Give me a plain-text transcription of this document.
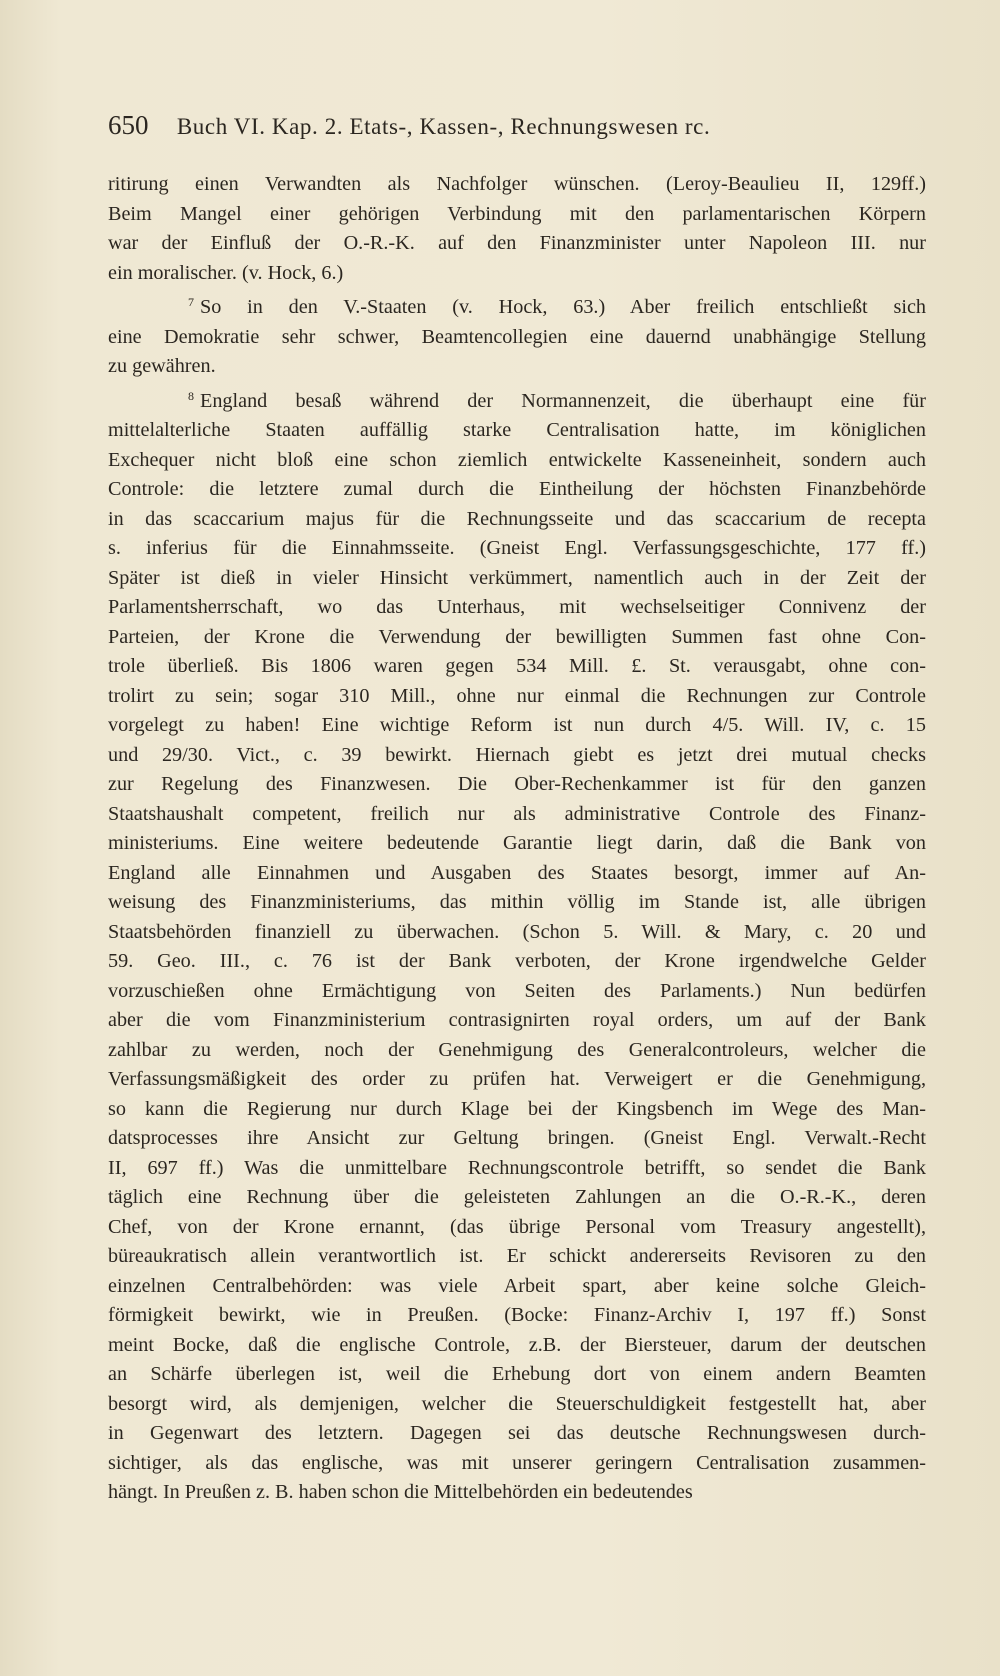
650 Buch VI. Kap. 2. Etats-, Kassen-, Rechnungswesen rc.
ritirung einen Verwandten als Nachfolger wünschen. (Leroy-Beaulieu II, 129ff.)
Beim Mangel einer gehörigen Verbindung mit den parlamentarischen Körpern
war der Einfluß der O.-R.-K. auf den Finanzminister unter Napoleon III. nur
ein moralischer. (v. Hock, 6.)
$^7$ So in den V.-Staaten (v. Hock, 63.) Aber freilich entschließt sich
eine Demokratie sehr schwer, Beamtencollegien eine dauernd unabhängige Stellung
zu gewähren.
$^8$ England besaß während der Normannenzeit, die überhaupt eine für
mittelalterliche Staaten auffällig starke Centralisation hatte, im königlichen
Exchequer nicht bloß eine schon ziemlich entwickelte Kasseneinheit, sondern auch
Controle: die letztere zumal durch die Eintheilung der höchsten Finanzbehörde
in das scaccarium majus für die Rechnungsseite und das scaccarium de recepta
s. inferius für die Einnahmsseite. (Gneist Engl. Verfassungsgeschichte, 177 ff.)
Später ist dieß in vieler Hinsicht verkümmert, namentlich auch in der Zeit der
Parlamentsherrschaft, wo das Unterhaus, mit wechselseitiger Connivenz der
Parteien, der Krone die Verwendung der bewilligten Summen fast ohne Con-
trole überließ. Bis 1806 waren gegen 534 Mill. £. St. verausgabt, ohne con-
trolirt zu sein; sogar 310 Mill., ohne nur einmal die Rechnungen zur Controle
vorgelegt zu haben! Eine wichtige Reform ist nun durch 4/5. Will. IV, c. 15
und 29/30. Vict., c. 39 bewirkt. Hiernach giebt es jetzt drei mutual checks
zur Regelung des Finanzwesen. Die Ober-Rechenkammer ist für den ganzen
Staatshaushalt competent, freilich nur als administrative Controle des Finanz-
ministeriums. Eine weitere bedeutende Garantie liegt darin, daß die Bank von
England alle Einnahmen und Ausgaben des Staates besorgt, immer auf An-
weisung des Finanzministeriums, das mithin völlig im Stande ist, alle übrigen
Staatsbehörden finanziell zu überwachen. (Schon 5. Will. & Mary, c. 20 und
59. Geo. III., c. 76 ist der Bank verboten, der Krone irgendwelche Gelder
vorzuschießen ohne Ermächtigung von Seiten des Parlaments.) Nun bedürfen
aber die vom Finanzministerium contrasignirten royal orders, um auf der Bank
zahlbar zu werden, noch der Genehmigung des Generalcontroleurs, welcher die
Verfassungsmäßigkeit des order zu prüfen hat. Verweigert er die Genehmigung,
so kann die Regierung nur durch Klage bei der Kingsbench im Wege des Man-
datsprocesses ihre Ansicht zur Geltung bringen. (Gneist Engl. Verwalt.-Recht
II, 697 ff.) Was die unmittelbare Rechnungscontrole betrifft, so sendet die Bank
täglich eine Rechnung über die geleisteten Zahlungen an die O.-R.-K., deren
Chef, von der Krone ernannt, (das übrige Personal vom Treasury angestellt),
büreaukratisch allein verantwortlich ist. Er schickt andererseits Revisoren zu den
einzelnen Centralbehörden: was viele Arbeit spart, aber keine solche Gleich-
förmigkeit bewirkt, wie in Preußen. (Bocke: Finanz-Archiv I, 197 ff.) Sonst
meint Bocke, daß die englische Controle, z.B. der Biersteuer, darum der deutschen
an Schärfe überlegen ist, weil die Erhebung dort von einem andern Beamten
besorgt wird, als demjenigen, welcher die Steuerschuldigkeit festgestellt hat, aber
in Gegenwart des letztern. Dagegen sei das deutsche Rechnungswesen durch-
sichtiger, als das englische, was mit unserer geringern Centralisation zusammen-
hängt. In Preußen z. B. haben schon die Mittelbehörden ein bedeutendes
